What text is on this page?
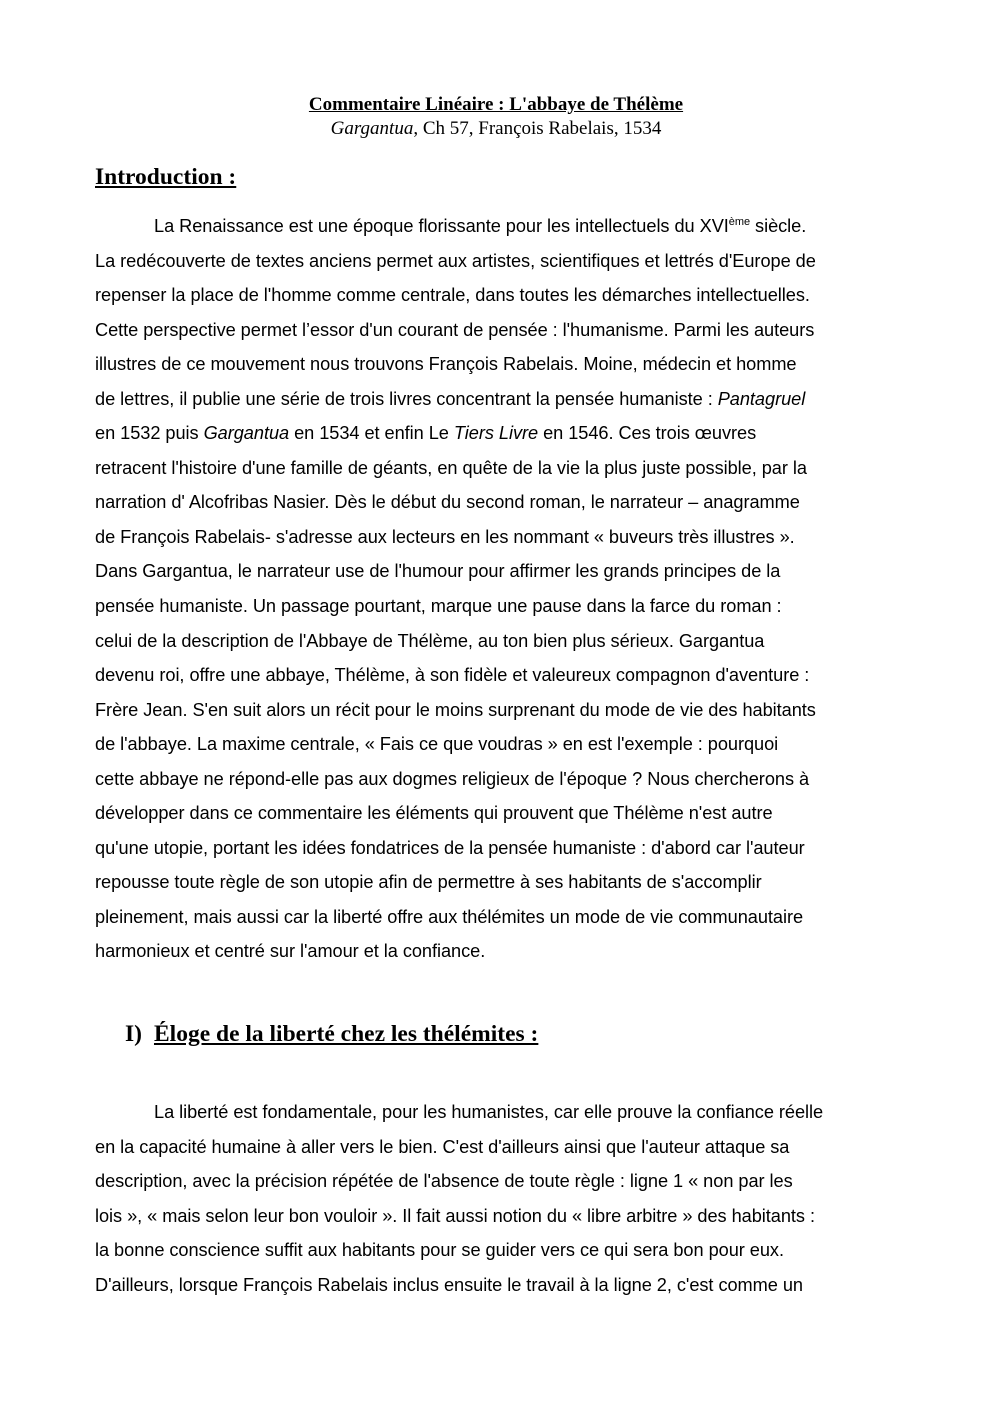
Commentaire Linéaire : L'abbaye de Thélème
Gargantua, Ch 57, François Rabelais, 1534
Introduction :
La Renaissance est une époque florissante pour les intellectuels du XVIème siècle.
La redécouverte de textes anciens permet aux artistes, scientifiques et lettrés d'Europe de
repenser la place de l'homme comme centrale, dans toutes les démarches intellectuelles.
Cette perspective permet l’essor d'un courant de pensée : l'humanisme. Parmi les auteurs
illustres de ce mouvement nous trouvons François Rabelais. Moine, médecin et homme
de lettres, il publie une série de trois livres concentrant la pensée humaniste : Pantagruel
en 1532 puis Gargantua en 1534 et enfin Le Tiers Livre en 1546. Ces trois œuvres
retracent l'histoire d'une famille de géants, en quête de la vie la plus juste possible, par la
narration d' Alcofribas Nasier. Dès le début du second roman, le narrateur – anagramme
de François Rabelais- s'adresse aux lecteurs en les nommant « buveurs très illustres ».
Dans Gargantua, le narrateur use de l'humour pour affirmer les grands principes de la
pensée humaniste. Un passage pourtant, marque une pause dans la farce du roman :
celui de la description de l'Abbaye de Thélème, au ton bien plus sérieux. Gargantua
devenu roi, offre une abbaye, Thélème, à son fidèle et valeureux compagnon d'aventure :
Frère Jean. S'en suit alors un récit pour le moins surprenant du mode de vie des habitants
de l'abbaye. La maxime centrale, « Fais ce que voudras » en est l'exemple : pourquoi
cette abbaye ne répond-elle pas aux dogmes religieux de l'époque ? Nous chercherons à
développer dans ce commentaire les éléments qui prouvent que Thélème n'est autre
qu'une utopie, portant les idées fondatrices de la pensée humaniste : d'abord car l'auteur
repousse toute règle de son utopie afin de permettre à ses habitants de s'accomplir
pleinement, mais aussi car la liberté offre aux thélémites un mode de vie communautaire
harmonieux et centré sur l'amour et la confiance.
I) Éloge de la liberté chez les thélémites :
La liberté est fondamentale, pour les humanistes, car elle prouve la confiance réelle
en la capacité humaine à aller vers le bien. C'est d'ailleurs ainsi que l'auteur attaque sa
description, avec la précision répétée de l'absence de toute règle : ligne 1 « non par les
lois », « mais selon leur bon vouloir ». Il fait aussi notion du « libre arbitre » des habitants :
la bonne conscience suffit aux habitants pour se guider vers ce qui sera bon pour eux.
D'ailleurs, lorsque François Rabelais inclus ensuite le travail à la ligne 2, c'est comme un
